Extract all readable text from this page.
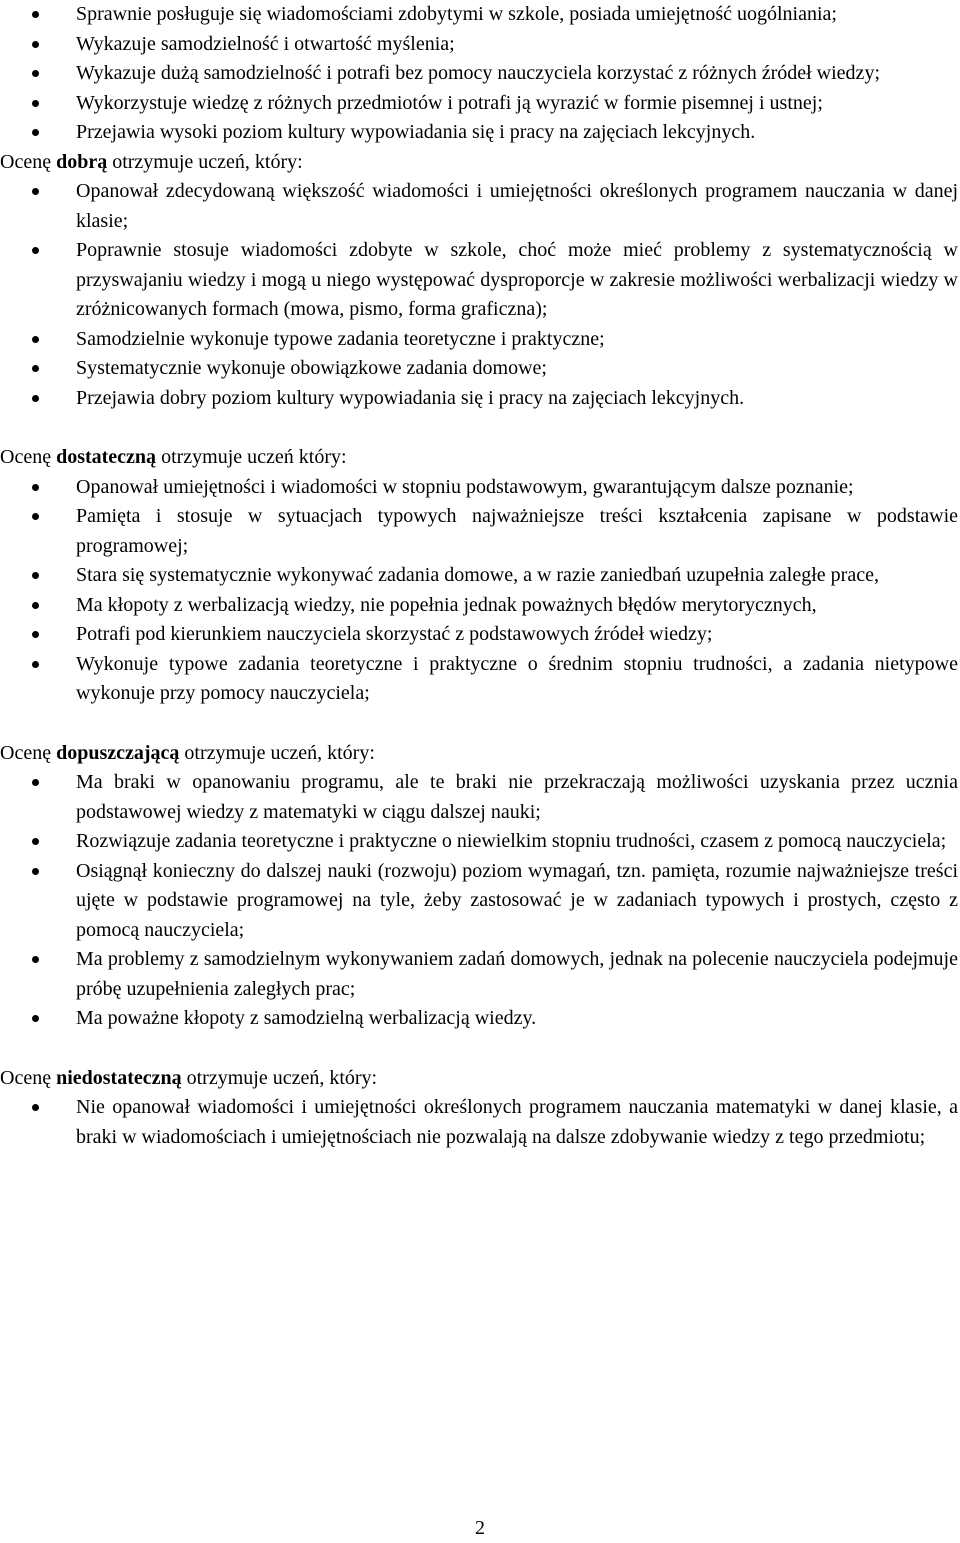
Sprawnie posługuje się wiadomościami zdobytymi w szkole, posiada umiejętność uogólniania;
Wykazuje samodzielność i otwartość myślenia;
Wykazuje dużą samodzielność i potrafi bez pomocy nauczyciela korzystać z różnych źródeł wiedzy;
Wykorzystuje wiedzę z różnych przedmiotów i potrafi ją wyrazić w formie pisemnej i ustnej;
Przejawia wysoki poziom kultury wypowiadania się i pracy na zajęciach lekcyjnych.

Ocenę dobrą otrzymuje uczeń, który:

Opanował zdecydowaną większość wiadomości i umiejętności określonych programem nauczania w danej klasie;
Poprawnie stosuje wiadomości zdobyte w szkole, choć może mieć problemy z systematycznością w przyswajaniu wiedzy i mogą u niego występować dysproporcje w zakresie możliwości werbalizacji wiedzy w zróżnicowanych formach (mowa, pismo, forma graficzna);
Samodzielnie wykonuje typowe zadania teoretyczne i praktyczne;
Systematycznie wykonuje obowiązkowe zadania domowe;
Przejawia dobry poziom kultury wypowiadania się i pracy na zajęciach lekcyjnych.

Ocenę dostateczną otrzymuje uczeń który:

Opanował umiejętności i wiadomości w stopniu podstawowym, gwarantującym dalsze poznanie;
Pamięta i stosuje w sytuacjach typowych najważniejsze treści kształcenia zapisane w podstawie programowej;
Stara się systematycznie wykonywać zadania domowe, a w razie zaniedbań uzupełnia zaległe prace,
Ma kłopoty z werbalizacją wiedzy, nie popełnia jednak poważnych błędów merytorycznych,
Potrafi pod kierunkiem nauczyciela skorzystać z podstawowych źródeł wiedzy;
Wykonuje typowe zadania teoretyczne i praktyczne o średnim stopniu trudności, a zadania nietypowe wykonuje przy pomocy nauczyciela;

Ocenę dopuszczającą otrzymuje uczeń, który:

Ma braki w opanowaniu programu, ale te braki nie przekraczają możliwości uzyskania przez ucznia podstawowej wiedzy z matematyki w ciągu dalszej nauki;
Rozwiązuje zadania teoretyczne i praktyczne o niewielkim stopniu trudności, czasem z pomocą nauczyciela;
Osiągnął konieczny do dalszej nauki (rozwoju) poziom wymagań, tzn. pamięta, rozumie najważniejsze treści ujęte w podstawie programowej na tyle, żeby zastosować je w zadaniach typowych i prostych, często z pomocą nauczyciela;
Ma problemy z samodzielnym wykonywaniem zadań domowych, jednak na polecenie nauczyciela podejmuje próbę uzupełnienia zaległych prac;
Ma poważne kłopoty z samodzielną werbalizacją wiedzy.

Ocenę niedostateczną otrzymuje uczeń, który:

Nie opanował wiadomości i umiejętności określonych programem nauczania matematyki w danej klasie, a braki w wiadomościach i umiejętnościach nie pozwalają na dalsze zdobywanie wiedzy z tego przedmiotu;
2
